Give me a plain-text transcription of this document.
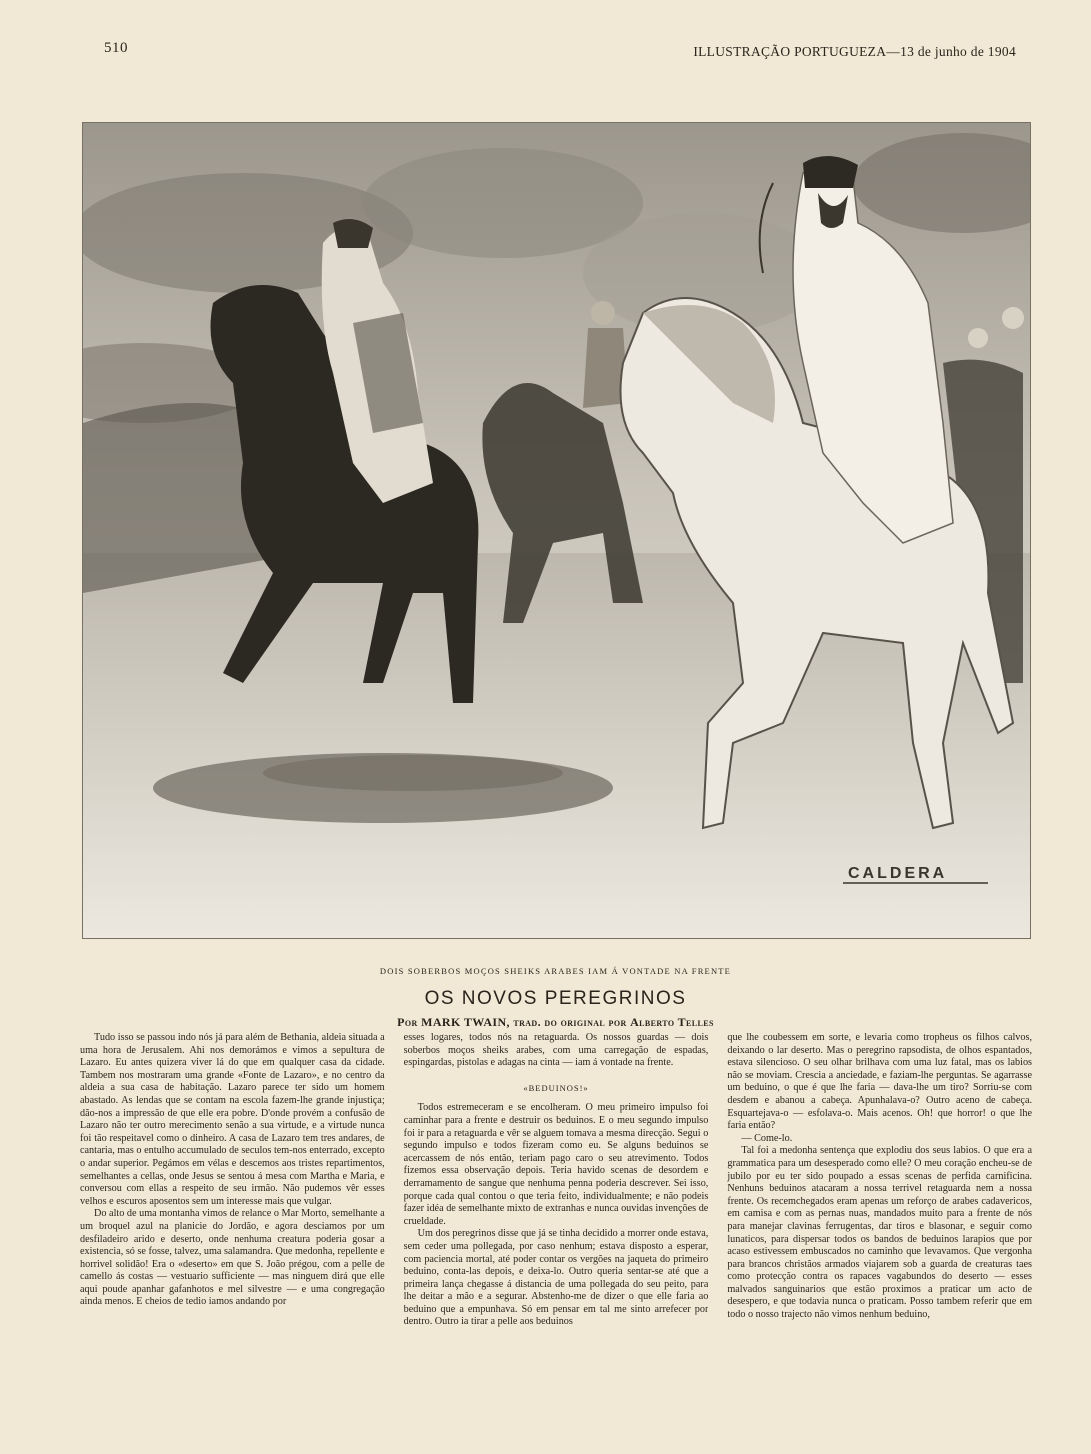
510	ILLUSTRAÇÃO PORTUGUEZA—13 de junho de 1904
CALDERA
DOIS SOBERBOS MOÇOS SHEIKS ARABES IAM Á VONTADE NA FRENTE
OS NOVOS PEREGRINOS
Por MARK TWAIN, trad. do original por Alberto Telles

Tudo isso se passou indo nós já para além de Bethania, aldeia situada a uma hora de Jerusalem. Ahi nos demorámos e vimos a sepultura de Lazaro. Eu antes quizera viver lá do que em qualquer casa da cidade. Tambem nos mostraram uma grande «Fonte de Lazaro», e no centro da aldeia a sua casa de habitação. Lazaro parece ter sido um homem abastado. As lendas que se contam na escola fazem-lhe grande injustiça; dão-nos a impressão de que elle era pobre. D'onde provém a confusão de Lazaro não ter outro merecimento senão a sua virtude, e a virtude nunca foi tão respeitavel como o dinheiro. A casa de Lazaro tem tres andares, de cantaria, mas o entulho accumulado de seculos tem-nos enterrado, excepto o andar superior. Pegámos em vélas e descemos aos tristes repartimentos, semelhantes a cellas, onde Jesus se sentou á mesa com Martha e Maria, e conversou com ellas a respeito de seu irmão. Não pudemos vêr esses velhos e escuros aposentos sem um interesse mais que vulgar.

Do alto de uma montanha vimos de relance o Mar Morto, semelhante a um broquel azul na planicie do Jordão, e agora desciamos por um desfiladeiro arido e deserto, onde nenhuma creatura poderia gosar a existencia, só se fosse, talvez, uma salamandra. Que medonha, repellente e horrivel solidão! Era o «deserto» em que S. João prégou, com a pelle de camello ás costas — vestuario sufficiente — mas ninguem dirá que elle aqui poude apanhar gafanhotos e mel silvestre — e uma congregação ainda menos. E cheios de tedio iamos andando por

esses logares, todos nós na retaguarda. Os nossos guardas — dois soberbos moços sheiks arabes, com uma carregação de espadas, espingardas, pistolas e adagas na cinta — iam á vontade na frente.

«BEDUINOS!»

Todos estremeceram e se encolheram. O meu primeiro impulso foi caminhar para a frente e destruir os beduinos. E o meu segundo impulso foi ir para a retaguarda e vêr se alguem tomava a mesma direcção. Segui o segundo impulso e todos fizeram como eu. Se alguns beduinos se acercassem de nós então, teriam pago caro o seu atrevimento. Todos fizemos essa observação depois. Teria havido scenas de desordem e derramamento de sangue que nenhuma penna poderia descrever. Sei isso, porque cada qual contou o que teria feito, individualmente; e não podeis fazer idéa de semelhante mixto de extranhas e nunca ouvidas invenções de crueldade.

Um dos peregrinos disse que já se tinha decidido a morrer onde estava, sem ceder uma pollegada, por caso nenhum; estava disposto a esperar, com paciencia mortal, até poder contar os vergões na jaqueta do primeiro beduino, conta-las depois, e deixa-lo. Outro queria sentar-se até que a primeira lança chegasse á distancia de uma pollegada do seu peito, para lhe deitar a mão e a segurar. Abstenho-me de dizer o que elle faria ao beduino que a empunhava. Só em pensar em tal me sinto arrefecer por dentro. Outro ia tirar a pelle aos beduinos

que lhe coubessem em sorte, e levaria como tropheus os filhos calvos, deixando o lar deserto. Mas o peregrino rapsodista, de olhos espantados, estava silencioso. O seu olhar brilhava com uma luz fatal, mas os labios não se moviam. Crescia a anciedade, e faziam-lhe perguntas. Se agarrasse um beduino, o que é que lhe faria — dava-lhe um tiro? Sorriu-se com desdem e abanou a cabeça. Apunhalava-o? Outro aceno de cabeça. Esquartejava-o — esfolava-o. Mais acenos. Oh! que horror! o que lhe faria então?

— Come-lo.

Tal foi a medonha sentença que explodiu dos seus labios. O que era a grammatica para um desesperado como elle? O meu coração encheu-se de jubilo por eu ter sido poupado a essas scenas de perfida carnificina. Nenhuns beduinos atacaram a nossa terrivel retaguarda nem a nossa frente. Os recemchegados eram apenas um reforço de arabes cadavericos, em camisa e com as pernas nuas, mandados muito para a frente de nós para manejar clavinas ferrugentas, dar tiros e blasonar, e seguir como lunaticos, para dispersar todos os bandos de beduinos larapios que por acaso estivessem embuscados no caminho que levavamos. Que vergonha para brancos christãos armados viajarem sob a guarda de creaturas taes como protecção contra os rapaces vagabundos do deserto — esses malvados sanguinarios que estão proximos a praticar um acto de desespero, e que todavia nunca o praticam. Posso tambem referir que em todo o nosso trajecto não vimos nenhum beduino,
